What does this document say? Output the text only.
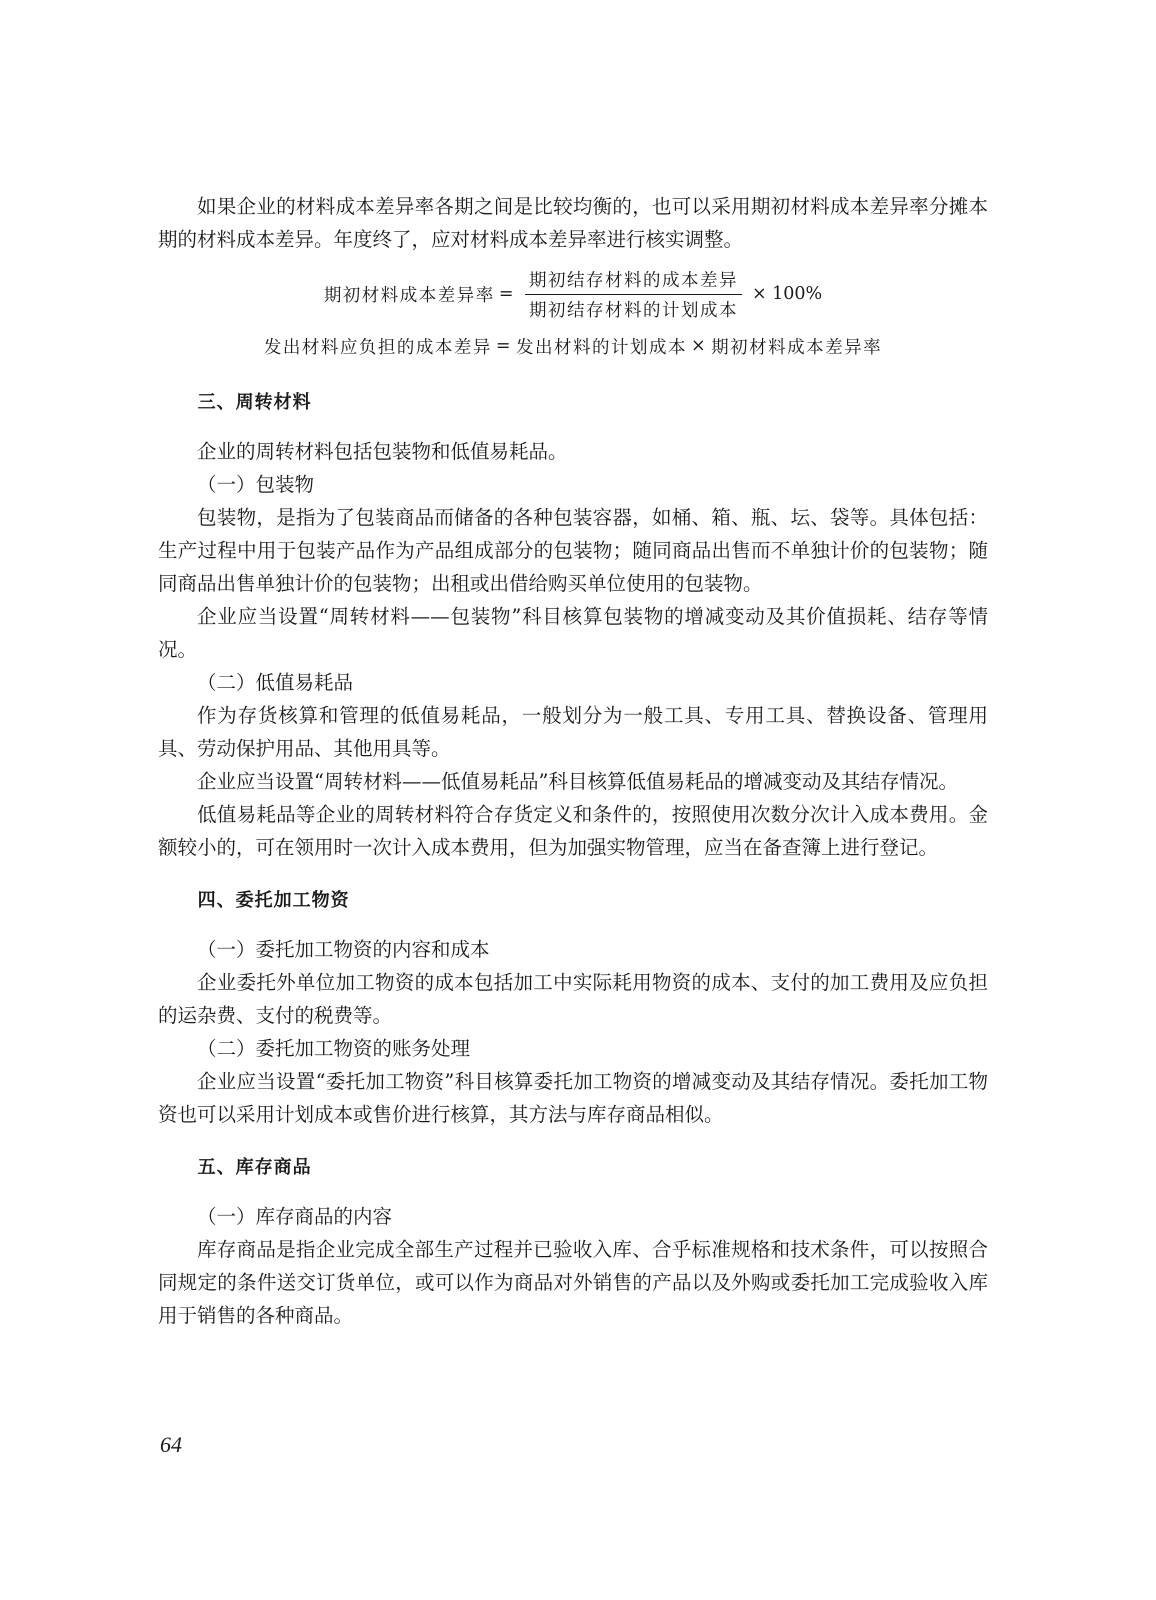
如果企业的材料成本差异率各期之间是比较均衡的，也可以采用期初材料成本差异率分摊本期的材料成本差异。年度终了，应对材料成本差异率进行核实调整。

期初材料成本差异率 = $\frac{\text{期初结存材料的成本差异}}{\text{期初结存材料的计划成本}} \times 100\%$
发出材料应负担的成本差异 = 发出材料的计划成本 × 期初材料成本差异率
三、周转材料

企业的周转材料包括包装物和低值易耗品。

（一）包装物

包装物，是指为了包装商品而储备的各种包装容器，如桶、箱、瓶、坛、袋等。具体包括：生产过程中用于包装产品作为产品组成部分的包装物；随同商品出售而不单独计价的包装物；随同商品出售单独计价的包装物；出租或出借给购买单位使用的包装物。

企业应当设置“周转材料——包装物”科目核算包装物的增减变动及其价值损耗、结存等情况。

（二）低值易耗品

作为存货核算和管理的低值易耗品，一般划分为一般工具、专用工具、替换设备、管理用具、劳动保护用品、其他用具等。

企业应当设置“周转材料——低值易耗品”科目核算低值易耗品的增减变动及其结存情况。

低值易耗品等企业的周转材料符合存货定义和条件的，按照使用次数分次计入成本费用。金额较小的，可在领用时一次计入成本费用，但为加强实物管理，应当在备查簿上进行登记。

四、委托加工物资

（一）委托加工物资的内容和成本

企业委托外单位加工物资的成本包括加工中实际耗用物资的成本、支付的加工费用及应负担的运杂费、支付的税费等。

（二）委托加工物资的账务处理

企业应当设置“委托加工物资”科目核算委托加工物资的增减变动及其结存情况。委托加工物资也可以采用计划成本或售价进行核算，其方法与库存商品相似。

五、库存商品

（一）库存商品的内容

库存商品是指企业完成全部生产过程并已验收入库、合乎标准规格和技术条件，可以按照合同规定的条件送交订货单位，或可以作为商品对外销售的产品以及外购或委托加工完成验收入库用于销售的各种商品。

64
